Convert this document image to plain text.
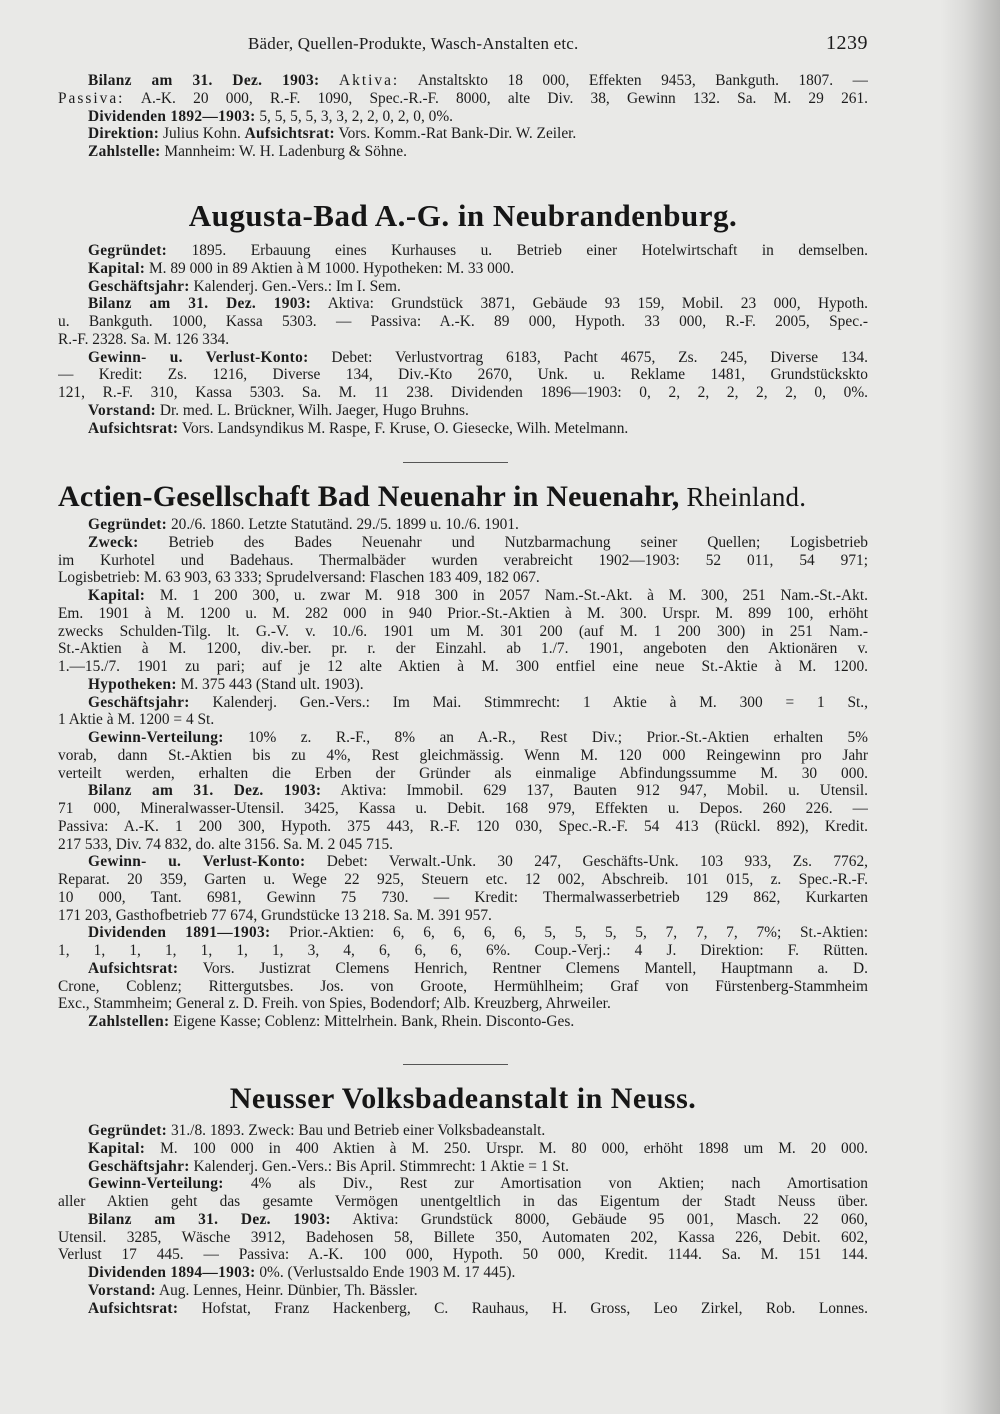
Bäder, Quellen-Produkte, Wasch-Anstalten etc.	1239
Bilanz am 31. Dez. 1903: Aktiva: Anstaltskto 18 000, Effekten 9453, Bankguth. 1807. —
Passiva: A.-K. 20 000, R.-F. 1090, Spec.-R.-F. 8000, alte Div. 38, Gewinn 132. Sa. M. 29 261.
Dividenden 1892—1903: 5, 5, 5, 5, 3, 3, 2, 2, 0, 2, 0, 0%.
Direktion: Julius Kohn. Aufsichtsrat: Vors. Komm.-Rat Bank-Dir. W. Zeiler.
Zahlstelle: Mannheim: W. H. Ladenburg & Söhne.
Augusta-Bad A.-G. in Neubrandenburg.
Gegründet: 1895. Erbauung eines Kurhauses u. Betrieb einer Hotelwirtschaft in demselben.
Kapital: M. 89 000 in 89 Aktien à M 1000. Hypotheken: M. 33 000.
Geschäftsjahr: Kalenderj. Gen.-Vers.: Im I. Sem.
Bilanz am 31. Dez. 1903: Aktiva: Grundstück 3871, Gebäude 93 159, Mobil. 23 000, Hypoth.
u. Bankguth. 1000, Kassa 5303. — Passiva: A.-K. 89 000, Hypoth. 33 000, R.-F. 2005, Spec.-
R.-F. 2328. Sa. M. 126 334.
Gewinn- u. Verlust-Konto: Debet: Verlustvortrag 6183, Pacht 4675, Zs. 245, Diverse 134.
— Kredit: Zs. 1216, Diverse 134, Div.-Kto 2670, Unk. u. Reklame 1481, Grundstückskto
121, R.-F. 310, Kassa 5303. Sa. M. 11 238. Dividenden 1896—1903: 0, 2, 2, 2, 2, 2, 0, 0%.
Vorstand: Dr. med. L. Brückner, Wilh. Jaeger, Hugo Bruhns.
Aufsichtsrat: Vors. Landsyndikus M. Raspe, F. Kruse, O. Giesecke, Wilh. Metelmann.
Actien-Gesellschaft Bad Neuenahr in Neuenahr, Rheinland.
Gegründet: 20./6. 1860. Letzte Statutänd. 29./5. 1899 u. 10./6. 1901.
Zweck: Betrieb des Bades Neuenahr und Nutzbarmachung seiner Quellen; Logisbetrieb
im Kurhotel und Badehaus. Thermalbäder wurden verabreicht 1902—1903: 52 011, 54 971;
Logisbetrieb: M. 63 903, 63 333; Sprudelversand: Flaschen 183 409, 182 067.
Kapital: M. 1 200 300, u. zwar M. 918 300 in 2057 Nam.-St.-Akt. à M. 300, 251 Nam.-St.-Akt.
Em. 1901 à M. 1200 u. M. 282 000 in 940 Prior.-St.-Aktien à M. 300. Urspr. M. 899 100, erhöht
zwecks Schulden-Tilg. lt. G.-V. v. 10./6. 1901 um M. 301 200 (auf M. 1 200 300) in 251 Nam.-
St.-Aktien à M. 1200, div.-ber. pr. r. der Einzahl. ab 1./7. 1901, angeboten den Aktionären v.
1.—15./7. 1901 zu pari; auf je 12 alte Aktien à M. 300 entfiel eine neue St.-Aktie à M. 1200.
Hypotheken: M. 375 443 (Stand ult. 1903).
Geschäftsjahr: Kalenderj. Gen.-Vers.: Im Mai. Stimmrecht: 1 Aktie à M. 300 = 1 St.,
1 Aktie à M. 1200 = 4 St.
Gewinn-Verteilung: 10% z. R.-F., 8% an A.-R., Rest Div.; Prior.-St.-Aktien erhalten 5%
vorab, dann St.-Aktien bis zu 4%, Rest gleichmässig. Wenn M. 120 000 Reingewinn pro Jahr
verteilt werden, erhalten die Erben der Gründer als einmalige Abfindungssumme M. 30 000.
Bilanz am 31. Dez. 1903: Aktiva: Immobil. 629 137, Bauten 912 947, Mobil. u. Utensil.
71 000, Mineralwasser-Utensil. 3425, Kassa u. Debit. 168 979, Effekten u. Depos. 260 226. —
Passiva: A.-K. 1 200 300, Hypoth. 375 443, R.-F. 120 030, Spec.-R.-F. 54 413 (Rückl. 892), Kredit.
217 533, Div. 74 832, do. alte 3156. Sa. M. 2 045 715.
Gewinn- u. Verlust-Konto: Debet: Verwalt.-Unk. 30 247, Geschäfts-Unk. 103 933, Zs. 7762,
Reparat. 20 359, Garten u. Wege 22 925, Steuern etc. 12 002, Abschreib. 101 015, z. Spec.-R.-F.
10 000, Tant. 6981, Gewinn 75 730. — Kredit: Thermalwasserbetrieb 129 862, Kurkarten
171 203, Gasthofbetrieb 77 674, Grundstücke 13 218. Sa. M. 391 957.
Dividenden 1891—1903: Prior.-Aktien: 6, 6, 6, 6, 6, 5, 5, 5, 5, 7, 7, 7, 7%; St.-Aktien:
1, 1, 1, 1, 1, 1, 1, 3, 4, 6, 6, 6, 6%. Coup.-Verj.: 4 J. Direktion: F. Rütten.
Aufsichtsrat: Vors. Justizrat Clemens Henrich, Rentner Clemens Mantell, Hauptmann a. D.
Crone, Coblenz; Rittergutsbes. Jos. von Groote, Hermühlheim; Graf von Fürstenberg-Stammheim
Exc., Stammheim; General z. D. Freih. von Spies, Bodendorf; Alb. Kreuzberg, Ahrweiler.
Zahlstellen: Eigene Kasse; Coblenz: Mittelrhein. Bank, Rhein. Disconto-Ges.
Neusser Volksbadeanstalt in Neuss.
Gegründet: 31./8. 1893. Zweck: Bau und Betrieb einer Volksbadeanstalt.
Kapital: M. 100 000 in 400 Aktien à M. 250. Urspr. M. 80 000, erhöht 1898 um M. 20 000.
Geschäftsjahr: Kalenderj. Gen.-Vers.: Bis April. Stimmrecht: 1 Aktie = 1 St.
Gewinn-Verteilung: 4% als Div., Rest zur Amortisation von Aktien; nach Amortisation
aller Aktien geht das gesamte Vermögen unentgeltlich in das Eigentum der Stadt Neuss über.
Bilanz am 31. Dez. 1903: Aktiva: Grundstück 8000, Gebäude 95 001, Masch. 22 060,
Utensil. 3285, Wäsche 3912, Badehosen 58, Billete 350, Automaten 202, Kassa 226, Debit. 602,
Verlust 17 445. — Passiva: A.-K. 100 000, Hypoth. 50 000, Kredit. 1144. Sa. M. 151 144.
Dividenden 1894—1903: 0%. (Verlustsaldo Ende 1903 M. 17 445).
Vorstand: Aug. Lennes, Heinr. Dünbier, Th. Bässler.
Aufsichtsrat: Hofstat, Franz Hackenberg, C. Rauhaus, H. Gross, Leo Zirkel, Rob. Lonnes.
